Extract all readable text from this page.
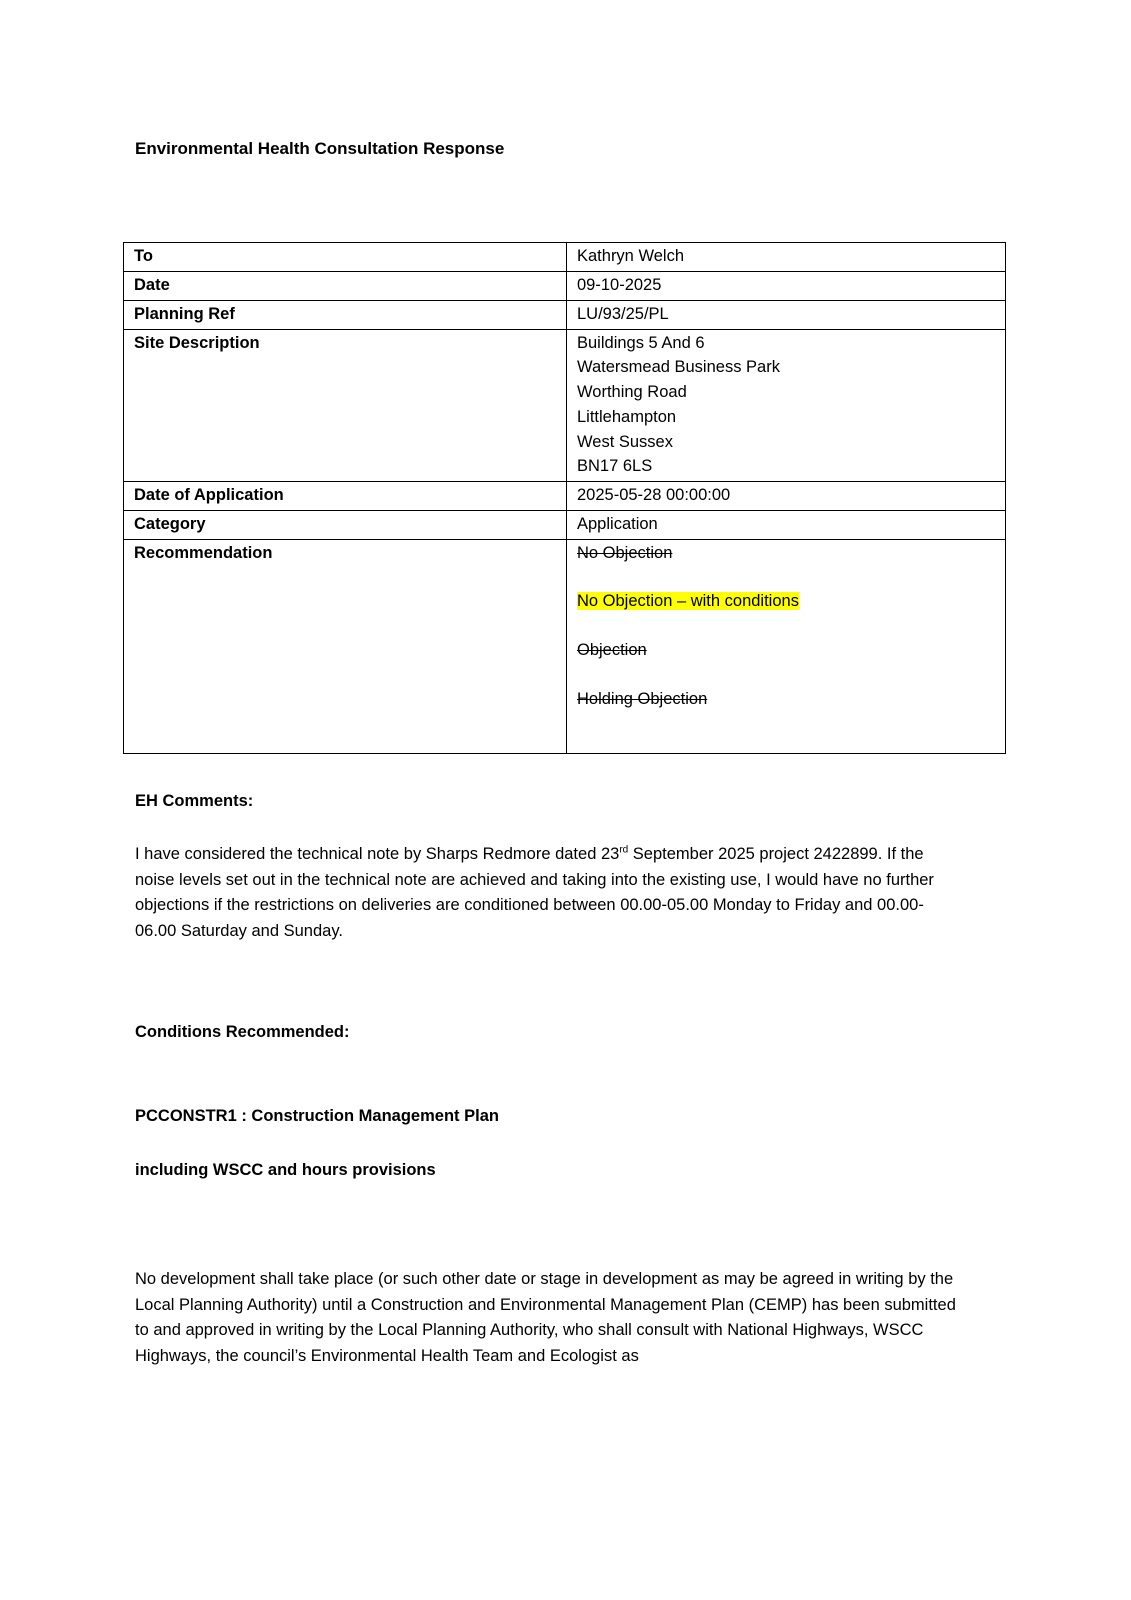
Environmental Health Consultation Response

To	Kathryn Welch
Date	09-10-2025
Planning Ref	LU/93/25/PL
Site Description	Buildings 5 And 6
Watersmead Business Park
Worthing Road
Littlehampton
West Sussex
BN17 6LS

Date of Application	2025-05-28 00:00:00
Category	Application
Recommendation	No Objection
No Objection – with conditions
Objection
Holding Objection

EH Comments:

I have considered the technical note by Sharps Redmore dated 23rd September 2025 project 2422899. If the noise levels set out in the technical note are achieved and taking into the existing use, I would have no further objections if the restrictions on deliveries are conditioned between 00.00-05.00 Monday to Friday and 00.00-06.00 Saturday and Sunday.

Conditions Recommended:

PCCONSTR1 : Construction Management Plan

including WSCC and hours provisions

No development shall take place (or such other date or stage in development as may be agreed in writing by the Local Planning Authority) until a Construction and Environmental Management Plan (CEMP) has been submitted to and approved in writing by the Local Planning Authority, who shall consult with National Highways, WSCC Highways, the council’s Environmental Health Team and Ecologist as
